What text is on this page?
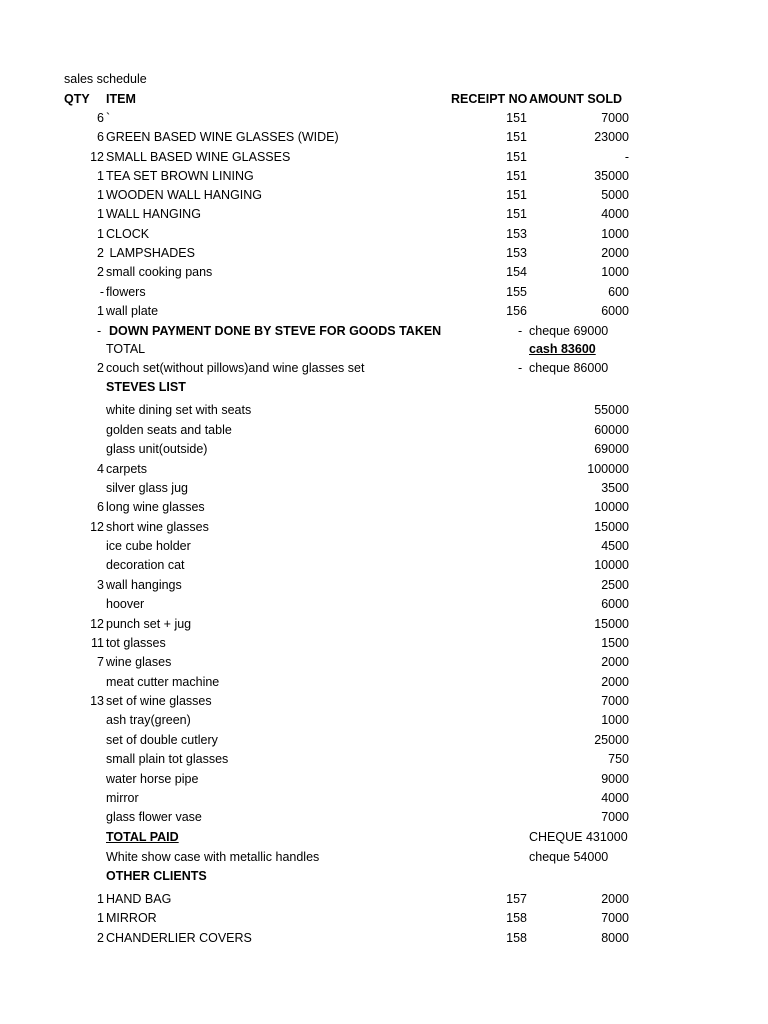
sales schedule
QTY ITEM	RECEIPT NO AMOUNT SOLD
6 `	151	7000
6 GREEN BASED WINE GLASSES (WIDE)	151	23000
12 SMALL BASED WINE GLASSES	151	-
1 TEA SET BROWN LINING	151	35000
1 WOODEN WALL HANGING	151	5000
1 WALL HANGING	151	4000
1 CLOCK	153	1000
2 LAMPSHADES	153	2000
2 small cooking pans	154	1000
- flowers	155	600
1 wall plate	156	6000
- DOWN PAYMENT DONE BY STEVE FOR GOODS TAKEN	- cheque 69000
TOTAL	cash 83600
2 couch set(without pillows)and wine glasses set	- cheque 86000
STEVES LIST
white dining set with seats	55000
golden seats and table	60000
glass unit(outside)	69000
4 carpets	100000
silver glass jug	3500
6 long wine glasses	10000
12 short wine glasses	15000
ice cube holder	4500
decoration cat	10000
3 wall hangings	2500
hoover	6000
12 punch set + jug	15000
11 tot glasses	1500
7 wine glases	2000
meat cutter machine	2000
13 set of wine glasses	7000
ash tray(green)	1000
set of double cutlery	25000
small plain tot glasses	750
water horse pipe	9000
mirror	4000
glass flower vase	7000
TOTAL PAID	CHEQUE 431000
White show case with metallic handles	cheque 54000
OTHER CLIENTS
1 HAND BAG	157	2000
1 MIRROR	158	7000
2 CHANDERLIER COVERS	158	8000
